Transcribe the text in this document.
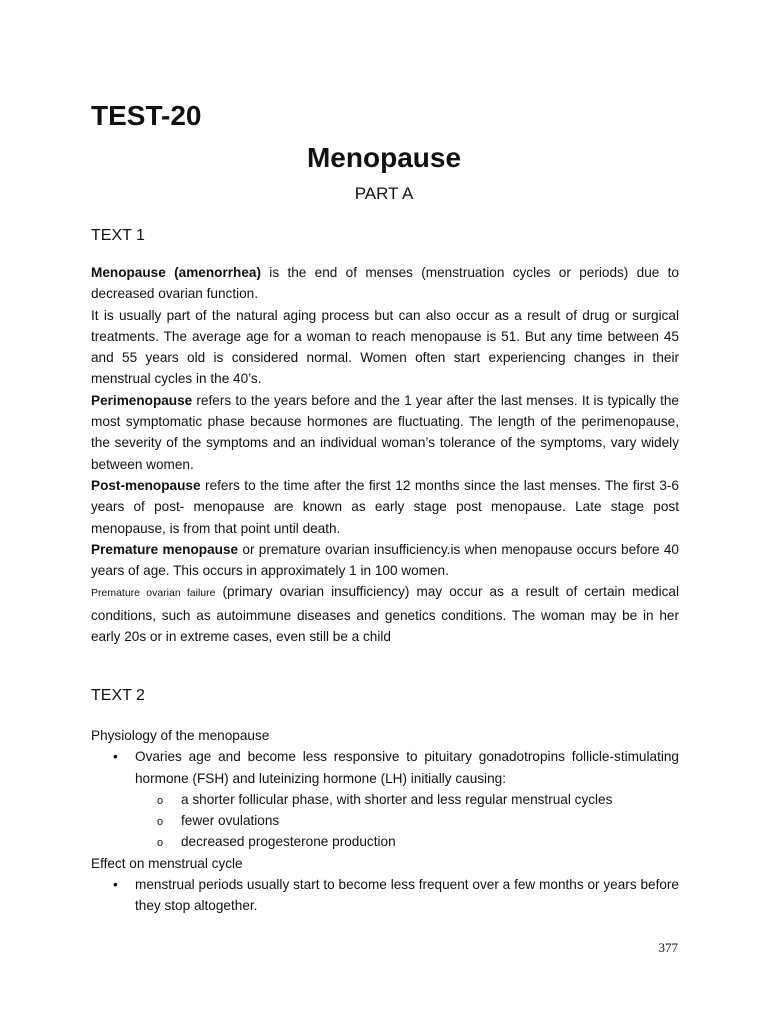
TEST-20
Menopause
PART A
TEXT 1

Menopause (amenorrhea) is the end of menses (menstruation cycles or periods) due to decreased ovarian function.

It is usually part of the natural aging process but can also occur as a result of drug or surgical treatments. The average age for a woman to reach menopause is 51. But any time between 45 and 55 years old is considered normal. Women often start experiencing changes in their menstrual cycles in the 40’s.

Perimenopause refers to the years before and the 1 year after the last menses. It is typically the most symptomatic phase because hormones are fluctuating. The length of the perimenopause, the severity of the symptoms and an individual woman’s tolerance of the symptoms, vary widely between women.

Post-menopause refers to the time after the first 12 months since the last menses. The first 3-6 years of post- menopause are known as early stage post menopause. Late stage post menopause, is from that point until death.

Premature menopause or premature ovarian insufficiency.is when menopause occurs before 40 years of age. This occurs in approximately 1 in 100 women.

Premature ovarian failure (primary ovarian insufficiency) may occur as a result of certain medical conditions, such as autoimmune diseases and genetics conditions. The woman may be in her early 20s or in extreme cases, even still be a child

TEXT 2

Physiology of the menopause

• Ovaries age and become less responsive to pituitary gonadotropins follicle-stimulating hormone (FSH) and luteinizing hormone (LH) initially causing:
o a shorter follicular phase, with shorter and less regular menstrual cycles
o fewer ovulations
o decreased progesterone production

Effect on menstrual cycle

• menstrual periods usually start to become less frequent over a few months or years before they stop altogether.
377
